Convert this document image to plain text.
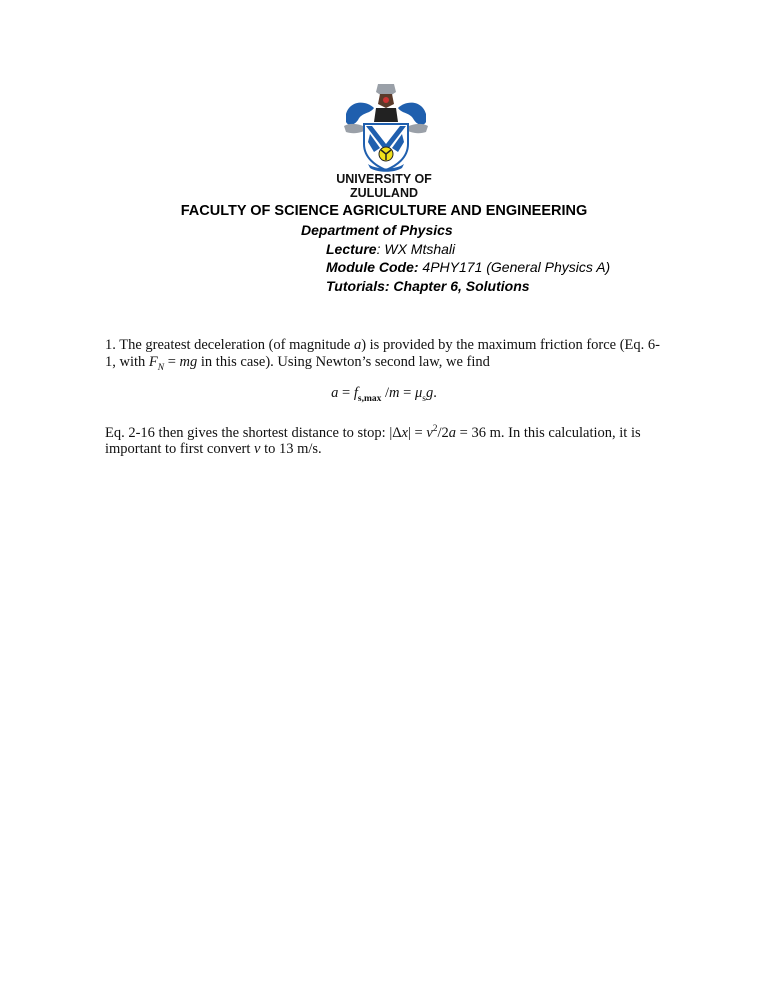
UNIVERSITY OF
ZULULAND
FACULTY OF SCIENCE AGRICULTURE AND ENGINEERING
Department of Physics
Lecture: WX Mtshali
Module Code: 4PHY171 (General Physics A)
Tutorials: Chapter 6, Solutions
1. The greatest deceleration (of magnitude a) is provided by the maximum friction force (Eq. 6-1, with $F_N$ = mg in this case). Using Newton’s second law, we find
$a = f_{s,max}$ $/m = \mu_sg$.
Eq. 2-16 then gives the shortest distance to stop: $|\Delta x| = v^2/2a = 36$ m. In this calculation, it is important to first convert v to 13 m/s.
